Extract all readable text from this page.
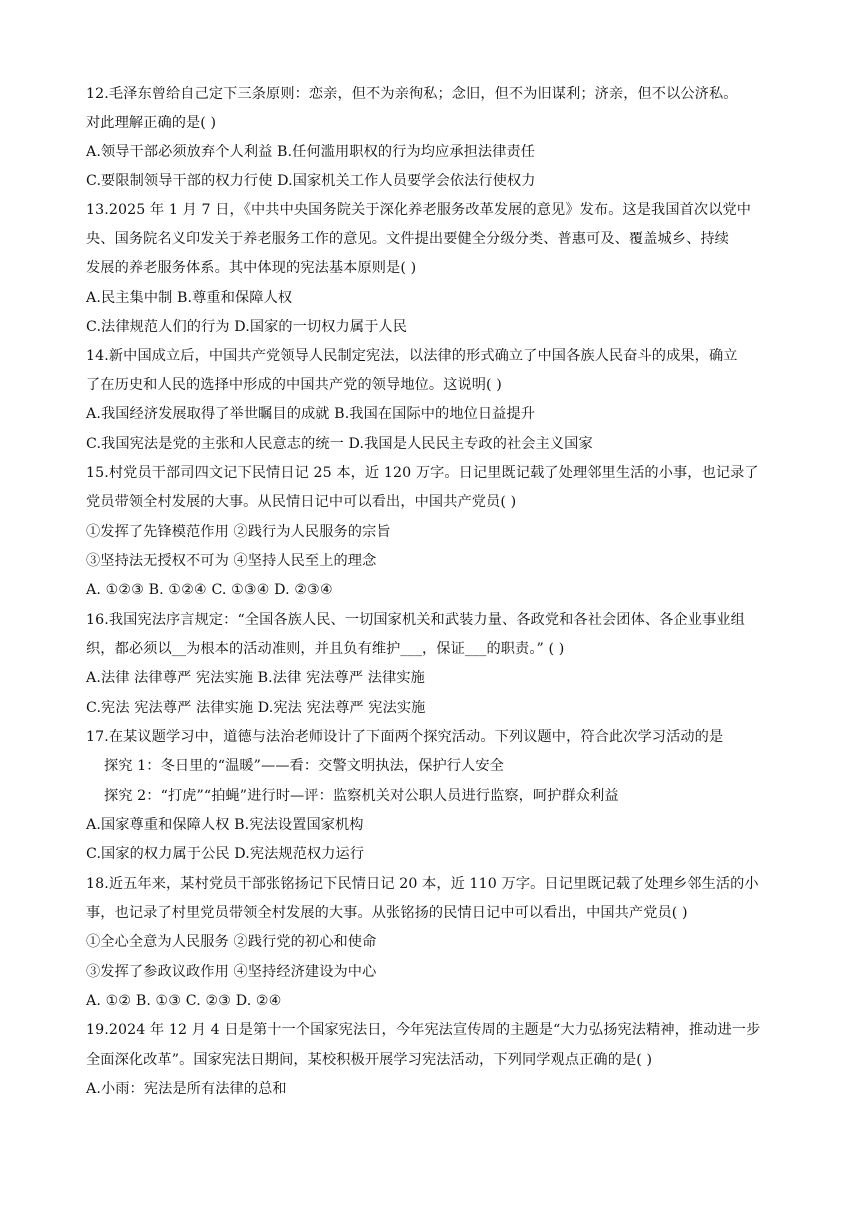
12.毛泽东曾给自己定下三条原则：恋亲，但不为亲徇私；念旧，但不为旧谋利；济亲，但不以公济私。
对此理解正确的是( )
A.领导干部必须放弃个人利益 B.任何滥用职权的行为均应承担法律责任
C.要限制领导干部的权力行使 D.国家机关工作人员要学会依法行使权力
13.2025 年 1 月 7 日，《中共中央国务院关于深化养老服务改革发展的意见》发布。这是我国首次以党中
央、国务院名义印发关于养老服务工作的意见。文件提出要健全分级分类、普惠可及、覆盖城乡、持续
发展的养老服务体系。其中体现的宪法基本原则是( )
A.民主集中制 B.尊重和保障人权
C.法律规范人们的行为 D.国家的一切权力属于人民
14.新中国成立后，中国共产党领导人民制定宪法，以法律的形式确立了中国各族人民奋斗的成果，确立
了在历史和人民的选择中形成的中国共产党的领导地位。这说明( )
A.我国经济发展取得了举世瞩目的成就 B.我国在国际中的地位日益提升
C.我国宪法是党的主张和人民意志的统一 D.我国是人民民主专政的社会主义国家
15.村党员干部司四文记下民情日记 25 本，近 120 万字。日记里既记载了处理邻里生活的小事，也记录了
党员带领全村发展的大事。从民情日记中可以看出，中国共产党员( )
①发挥了先锋模范作用 ②践行为人民服务的宗旨
③坚持法无授权不可为 ④坚持人民至上的理念
A. ①②③ B. ①②④ C. ①③④ D. ②③④
16.我国宪法序言规定：“全国各族人民、一切国家机关和武装力量、各政党和各社会团体、各企业事业组
织，都必须以__为根本的活动准则，并且负有维护___，保证___的职责。” ( )
A.法律 法律尊严 宪法实施 B.法律 宪法尊严 法律实施
C.宪法 宪法尊严 法律实施 D.宪法 宪法尊严 宪法实施
17.在某议题学习中，道德与法治老师设计了下面两个探究活动。下列议题中，符合此次学习活动的是
探究 1：冬日里的“温暖”——看：交警文明执法，保护行人安全
探究 2：“打虎”“拍蝇”进行时—评：监察机关对公职人员进行监察，呵护群众利益
A.国家尊重和保障人权 B.宪法设置国家机构
C.国家的权力属于公民 D.宪法规范权力运行
18.近五年来，某村党员干部张铭扬记下民情日记 20 本，近 110 万字。日记里既记载了处理乡邻生活的小
事，也记录了村里党员带领全村发展的大事。从张铭扬的民情日记中可以看出，中国共产党员( )
①全心全意为人民服务 ②践行党的初心和使命
③发挥了参政议政作用 ④坚持经济建设为中心
A. ①② B. ①③ C. ②③ D. ②④
19.2024 年 12 月 4 日是第十一个国家宪法日，今年宪法宣传周的主题是“大力弘扬宪法精神，推动进一步
全面深化改革”。国家宪法日期间，某校积极开展学习宪法活动，下列同学观点正确的是( )
A.小雨：宪法是所有法律的总和
